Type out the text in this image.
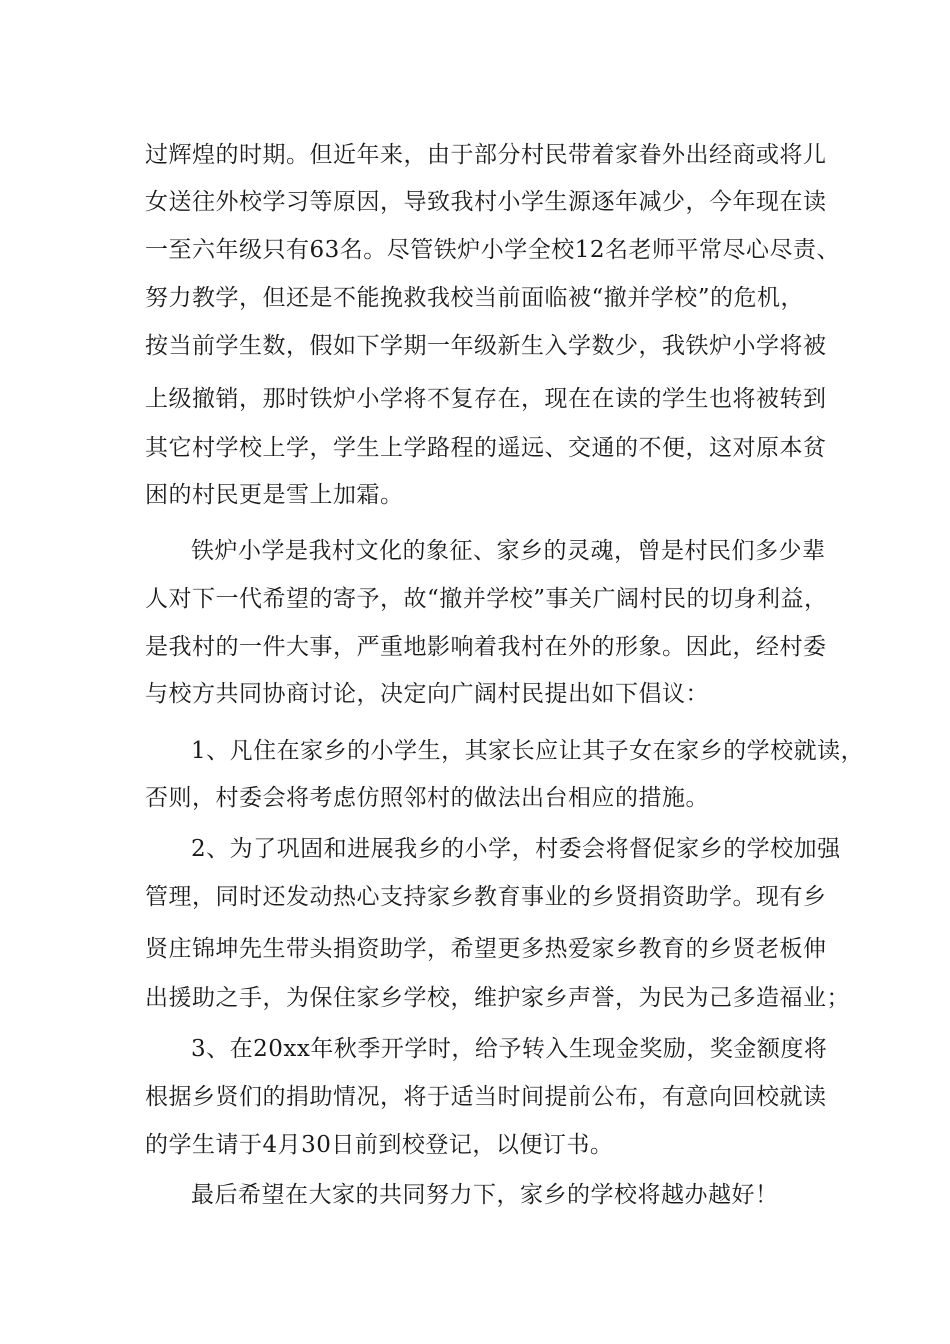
过辉煌的时期。但近年来，由于部分村民带着家眷外出经商或将儿
女送往外校学习等原因，导致我村小学生源逐年减少，今年现在读
一至六年级只有63名。尽管铁炉小学全校12名老师平常尽心尽责、
努力教学，但还是不能挽救我校当前面临被“撤并学校”的危机，
按当前学生数，假如下学期一年级新生入学数少，我铁炉小学将被
上级撤销，那时铁炉小学将不复存在，现在在读的学生也将被转到
其它村学校上学，学生上学路程的遥远、交通的不便，这对原本贫
困的村民更是雪上加霜。
铁炉小学是我村文化的象征、家乡的灵魂，曾是村民们多少辈
人对下一代希望的寄予，故“撤并学校”事关广阔村民的切身利益，
是我村的一件大事，严重地影响着我村在外的形象。因此，经村委
与校方共同协商讨论，决定向广阔村民提出如下倡议：
1、凡住在家乡的小学生，其家长应让其子女在家乡的学校就读，
否则，村委会将考虑仿照邻村的做法出台相应的措施。
2、为了巩固和进展我乡的小学，村委会将督促家乡的学校加强
管理，同时还发动热心支持家乡教育事业的乡贤捐资助学。现有乡
贤庄锦坤先生带头捐资助学，希望更多热爱家乡教育的乡贤老板伸
出援助之手，为保住家乡学校，维护家乡声誉，为民为己多造福业；
3、在20xx年秋季开学时，给予转入生现金奖励，奖金额度将
根据乡贤们的捐助情况，将于适当时间提前公布，有意向回校就读
的学生请于4月30日前到校登记，以便订书。
最后希望在大家的共同努力下，家乡的学校将越办越好！
